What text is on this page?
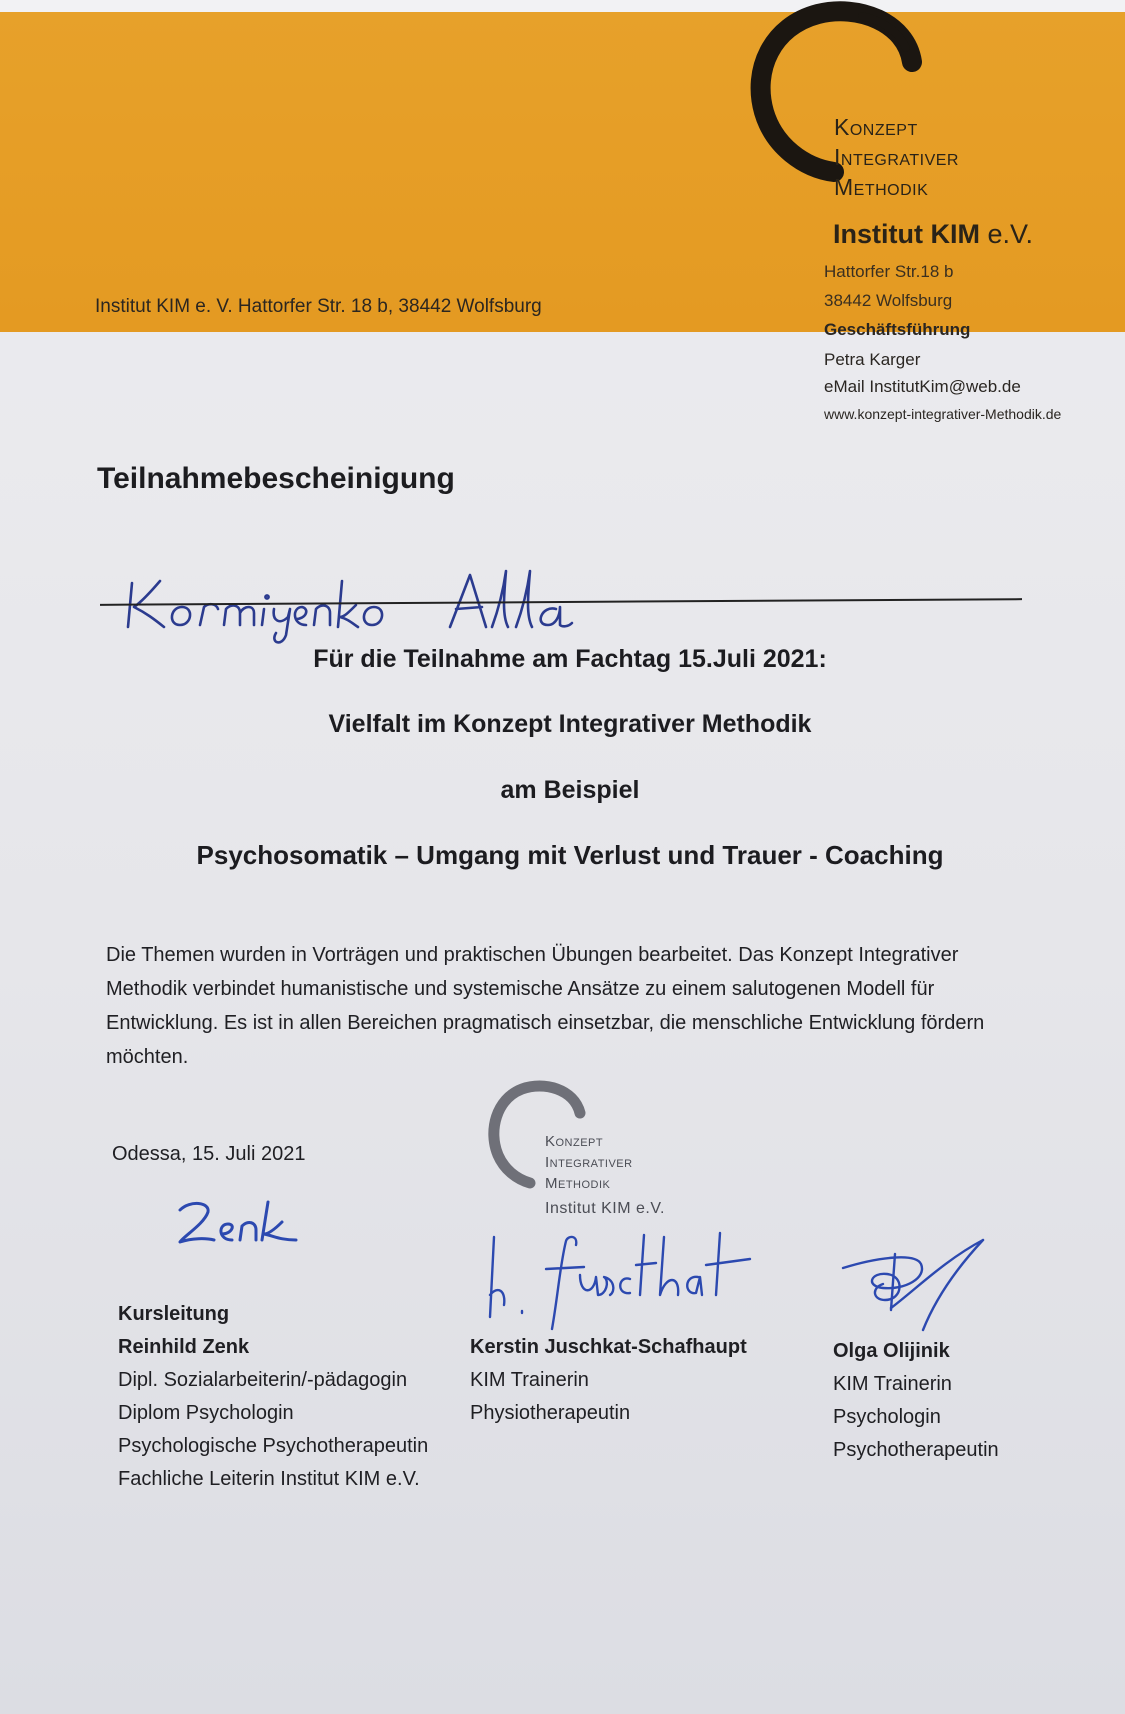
Institut KIM e. V. Hattorfer Str. 18 b, 38442 Wolfsburg
Konzept
Integrativer
Methodik
Institut KIM e.V.
Hattorfer Str.18 b
38442 Wolfsburg
Geschäftsführung
Petra Karger
eMail InstitutKim@web.de
www.konzept-integrativer-Methodik.de
Teilnahmebescheinigung
Für die Teilnahme am Fachtag 15.Juli 2021:
Vielfalt im Konzept Integrativer Methodik
am Beispiel
Psychosomatik – Umgang mit Verlust und Trauer - Coaching
Die Themen wurden in Vorträgen und praktischen Übungen bearbeitet. Das Konzept Integrativer Methodik verbindet humanistische und systemische Ansätze zu einem salutogenen Modell für Entwicklung. Es ist in allen Bereichen pragmatisch einsetzbar, die menschliche Entwicklung fördern möchten.
Odessa, 15. Juli 2021
Konzept
Integrativer
Methodik
Institut KIM e.V.
Kursleitung
Reinhild Zenk
Dipl. Sozialarbeiterin/-pädagogin
Diplom Psychologin
Psychologische Psychotherapeutin
Fachliche Leiterin Institut KIM e.V.
Kerstin Juschkat-Schafhaupt
KIM Trainerin
Physiotherapeutin
Olga Olijinik
KIM Trainerin
Psychologin
Psychotherapeutin
